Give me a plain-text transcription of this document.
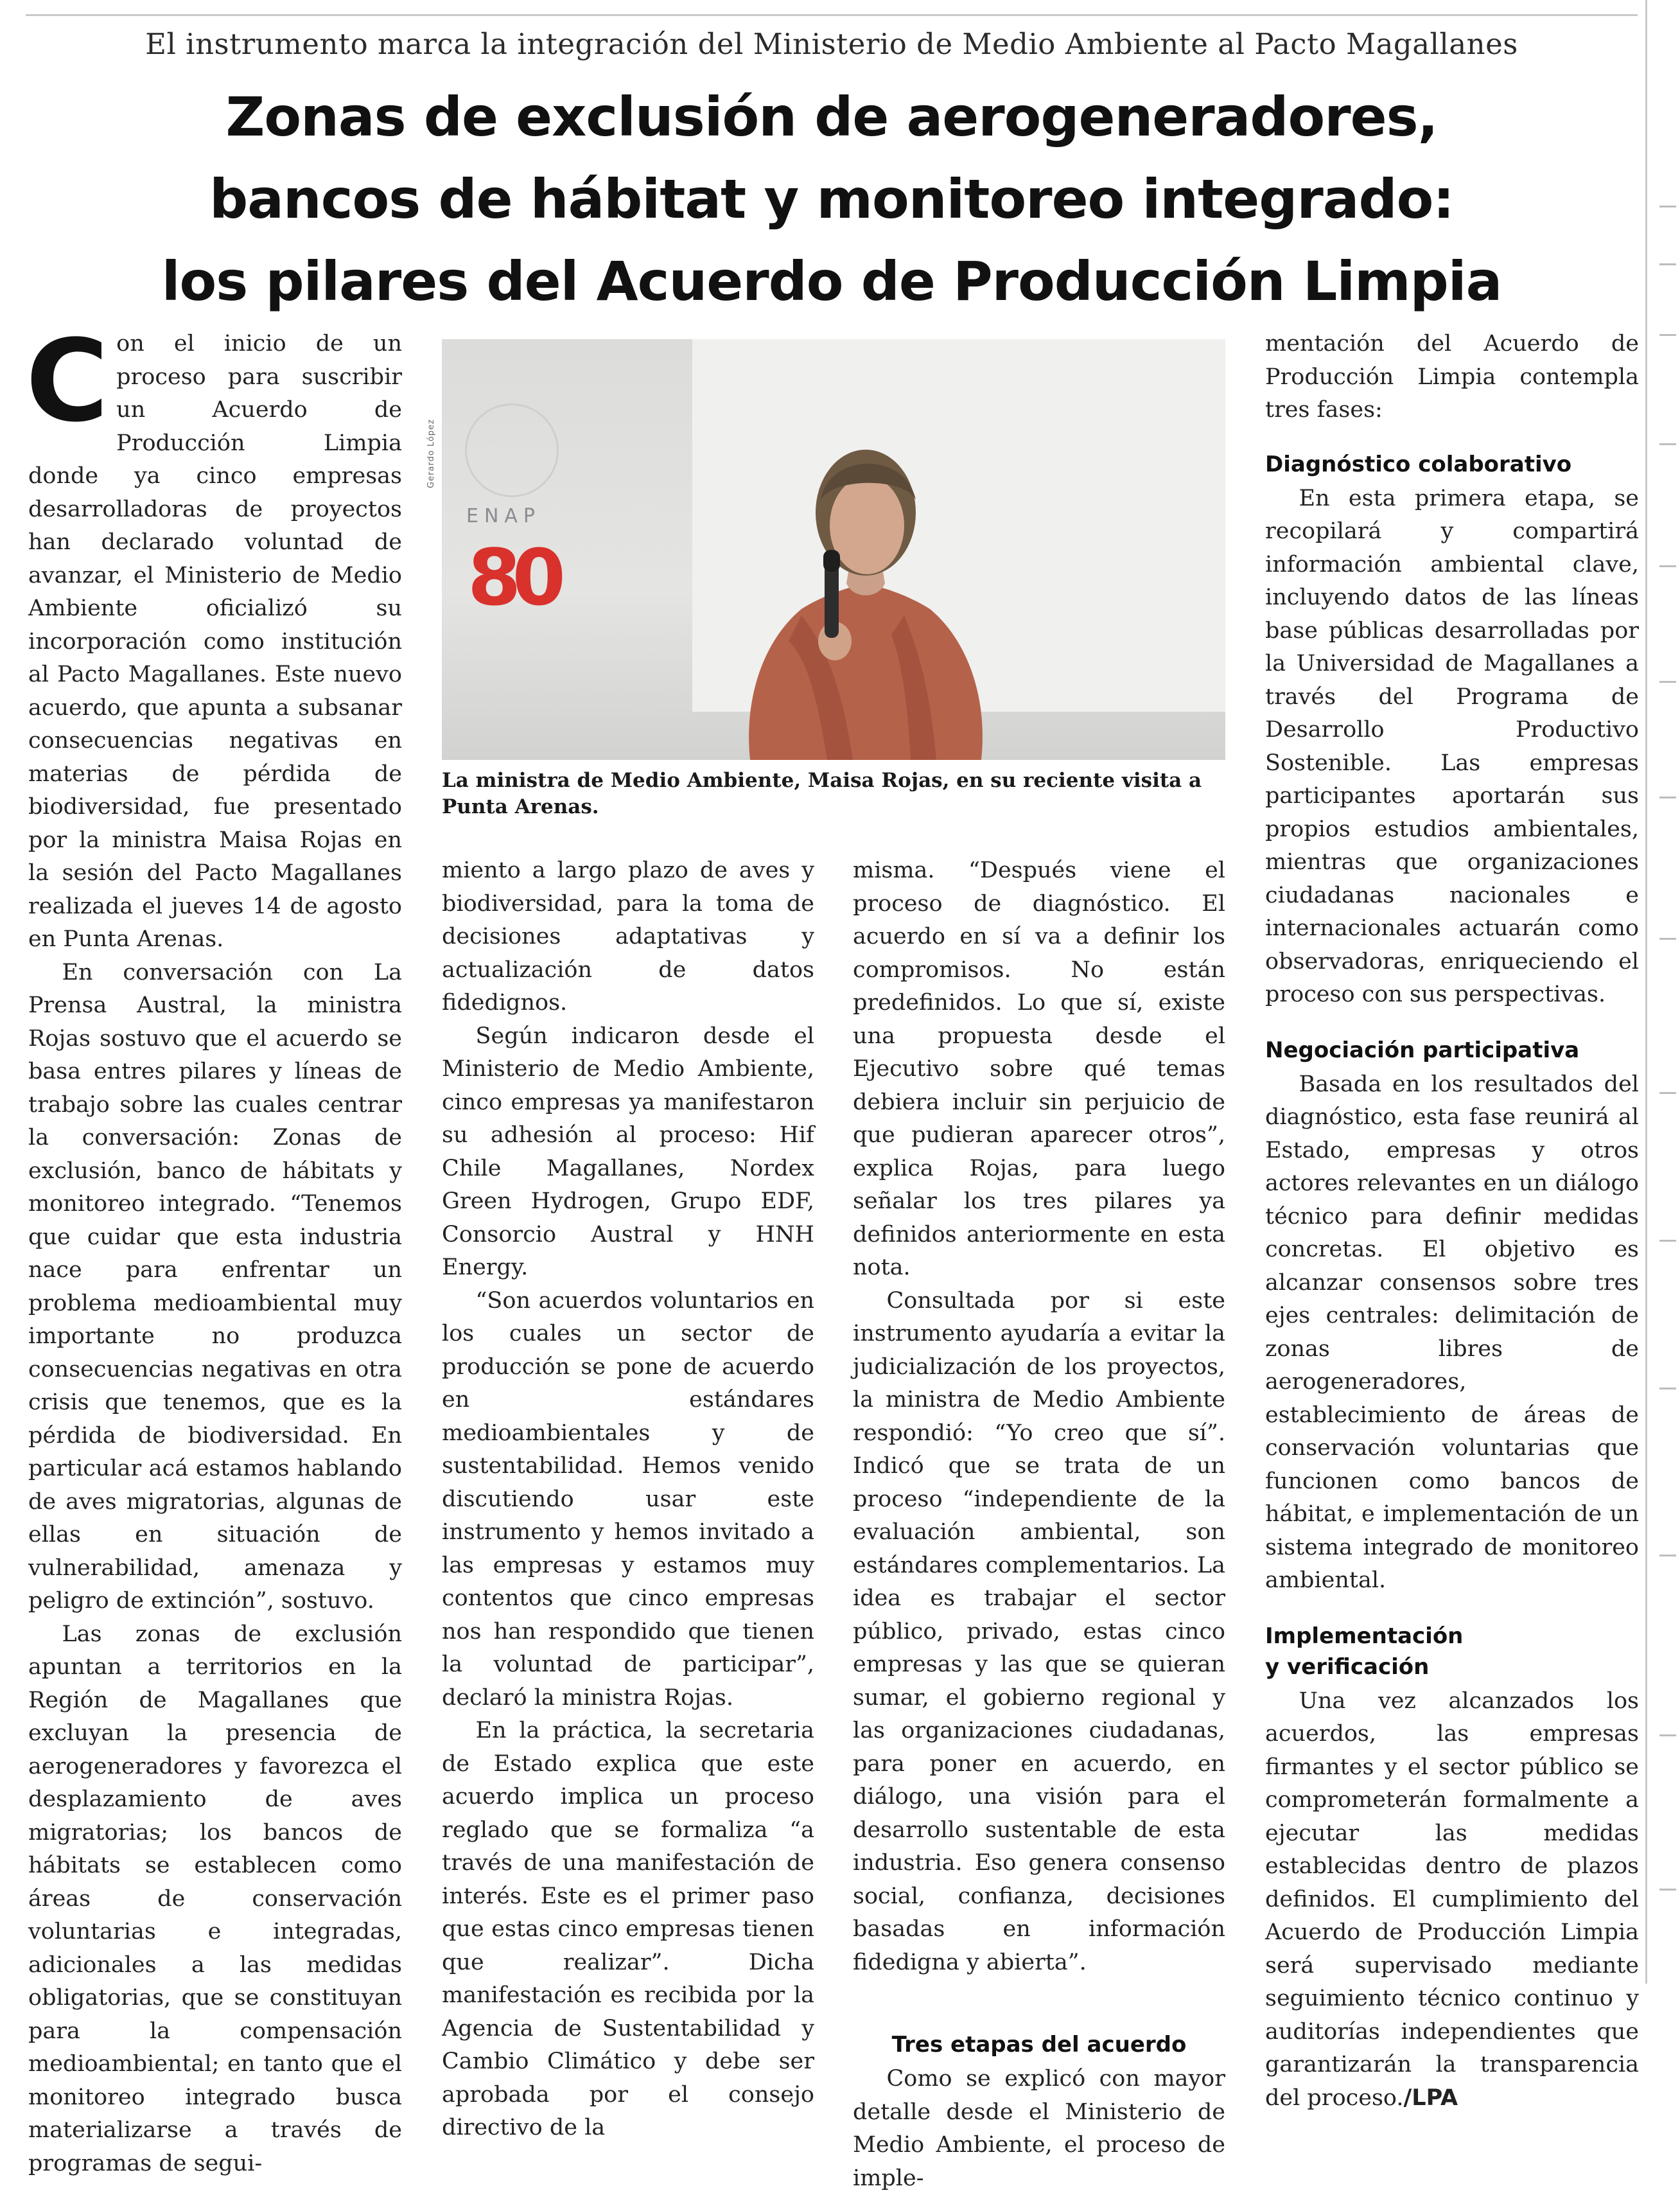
El instrumento marca la integración del Ministerio de Medio Ambiente al Pacto Magallanes
Zonas de exclusión de aerogeneradores,
bancos de hábitat y monitoreo integrado:
los pilares del Acuerdo de Producción Limpia

Con el inicio de un proceso para suscribir un Acuerdo de Producción Limpia donde ya cinco empresas desarrolladoras de proyectos han declarado voluntad de avanzar, el Ministerio de Medio Ambiente oficializó su incorporación como institución al Pacto Magallanes. Este nuevo acuerdo, que apunta a subsanar consecuencias negativas en materias de pérdida de biodiversidad, fue presentado por la ministra Maisa Rojas en la sesión del Pacto Magallanes realizada el jueves 14 de agosto en Punta Arenas.

En conversación con La Prensa Austral, la ministra Rojas sostuvo que el acuerdo se basa entres pilares y líneas de trabajo sobre las cuales centrar la conversación: Zonas de exclusión, banco de hábitats y monitoreo integrado. “Tenemos que cuidar que esta industria nace para enfrentar un problema medioambiental muy importante no produzca consecuencias negativas en otra crisis que tenemos, que es la pérdida de biodiversidad. En particular acá estamos hablando de aves migratorias, algunas de ellas en situación de vulnerabilidad, amenaza y peligro de extinción”, sostuvo.

Las zonas de exclusión apuntan a territorios en la Región de Magallanes que excluyan la presencia de aerogeneradores y favorezca el desplazamiento de aves migratorias; los bancos de hábitats se establecen como áreas de conservación voluntarias e integradas, adicionales a las medidas obligatorias, que se constituyan para la compensación medioambiental; en tanto que el monitoreo integrado busca materializarse a través de programas de segui-

Gerardo López
ENAP
80
La ministra de Medio Ambiente, Maisa Rojas, en su reciente visita a Punta Arenas.

miento a largo plazo de aves y biodiversidad, para la toma de decisiones adaptativas y actualización de datos fidedignos.

Según indicaron desde el Ministerio de Medio Ambiente, cinco empresas ya manifestaron su adhesión al proceso: Hif Chile Magallanes, Nordex Green Hydrogen, Grupo EDF, Consorcio Austral y HNH Energy.

“Son acuerdos voluntarios en los cuales un sector de producción se pone de acuerdo en estándares medioambientales y de sustentabilidad. Hemos venido discutiendo usar este instrumento y hemos invitado a las empresas y estamos muy contentos que cinco empresas nos han respondido que tienen la voluntad de participar”, declaró la ministra Rojas.

En la práctica, la secretaria de Estado explica que este acuerdo implica un proceso reglado que se formaliza “a través de una manifestación de interés. Este es el primer paso que estas cinco empresas tienen que realizar”. Dicha manifestación es recibida por la Agencia de Sustentabilidad y Cambio Climático y debe ser aprobada por el consejo directivo de la

misma. “Después viene el proceso de diagnóstico. El acuerdo en sí va a definir los compromisos. No están predefinidos. Lo que sí, existe una propuesta desde el Ejecutivo sobre qué temas debiera incluir sin perjuicio de que pudieran aparecer otros”, explica Rojas, para luego señalar los tres pilares ya definidos anteriormente en esta nota.

Consultada por si este instrumento ayudaría a evitar la judicialización de los proyectos, la ministra de Medio Ambiente respondió: “Yo creo que sí”. Indicó que se trata de un proceso “independiente de la evaluación ambiental, son estándares complementarios. La idea es trabajar el sector público, privado, estas cinco empresas y las que se quieran sumar, el gobierno regional y las organizaciones ciudadanas, para poner en acuerdo, en diálogo, una visión para el desarrollo sustentable de esta industria. Eso genera consenso social, confianza, decisiones basadas en información fidedigna y abierta”.

Tres etapas del acuerdo

Como se explicó con mayor detalle desde el Ministerio de Medio Ambiente, el proceso de imple-

mentación del Acuerdo de Producción Limpia contempla tres fases:

Diagnóstico colaborativo

En esta primera etapa, se recopilará y compartirá información ambiental clave, incluyendo datos de las líneas base públicas desarrolladas por la Universidad de Magallanes a través del Programa de Desarrollo Productivo Sostenible. Las empresas participantes aportarán sus propios estudios ambientales, mientras que organizaciones ciudadanas nacionales e internacionales actuarán como observadoras, enriqueciendo el proceso con sus perspectivas.

Negociación participativa

Basada en los resultados del diagnóstico, esta fase reunirá al Estado, empresas y otros actores relevantes en un diálogo técnico para definir medidas concretas. El objetivo es alcanzar consensos sobre tres ejes centrales: delimitación de zonas libres de aerogeneradores, establecimiento de áreas de conservación voluntarias que funcionen como bancos de hábitat, e implementación de un sistema integrado de monitoreo ambiental.

Implementación
y verificación

Una vez alcanzados los acuerdos, las empresas firmantes y el sector público se comprometerán formalmente a ejecutar las medidas establecidas dentro de plazos definidos. El cumplimiento del Acuerdo de Producción Limpia será supervisado mediante seguimiento técnico continuo y auditorías independientes que garantizarán la transparencia del proceso./LPA
